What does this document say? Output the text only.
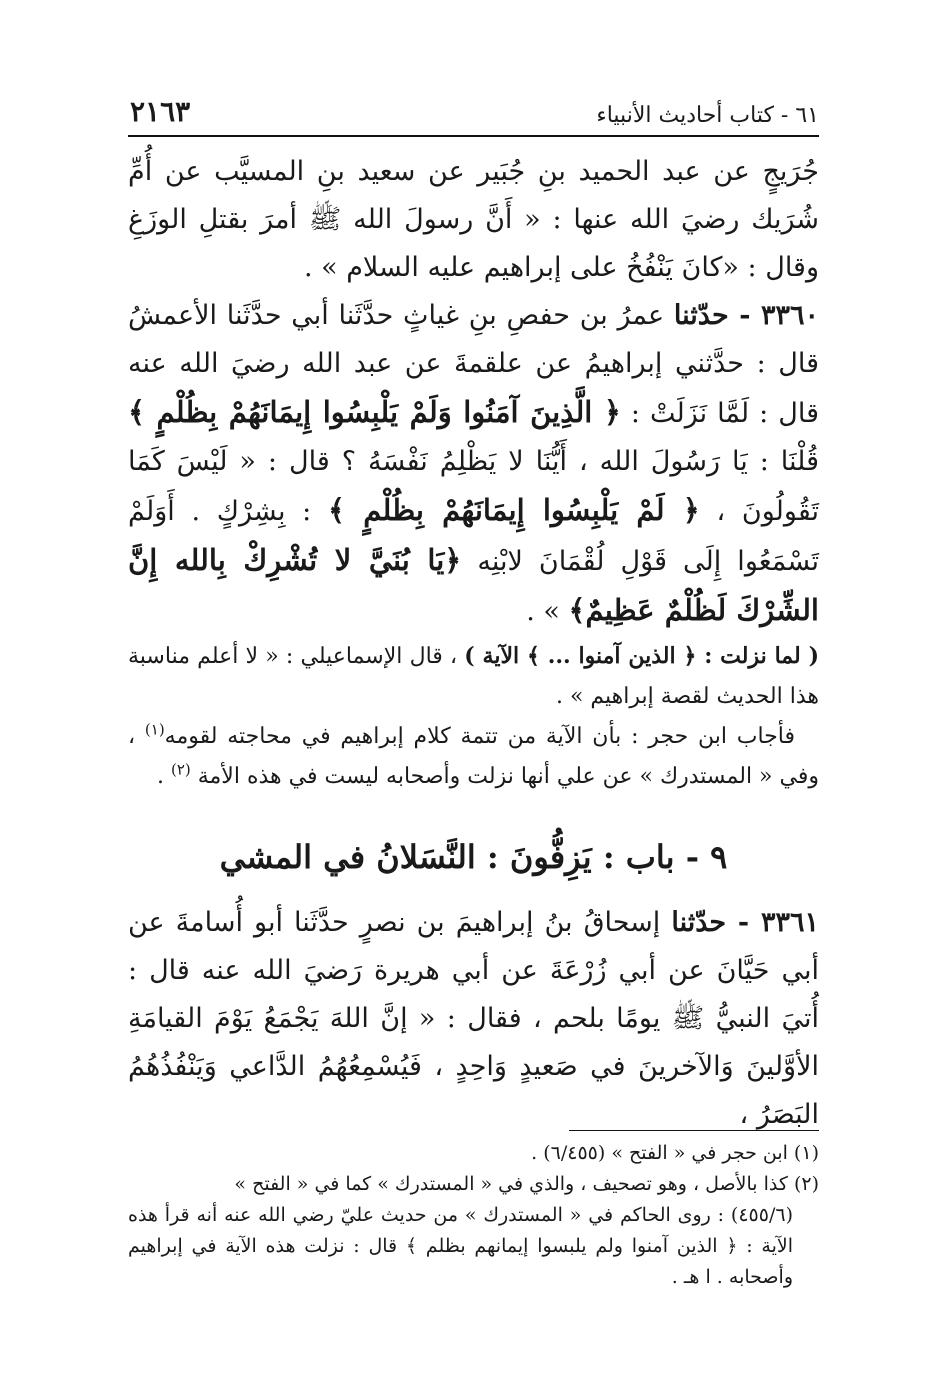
٦١ - كتاب أحاديث الأنبياء
٢١٦٣

جُرَيجٍ عن عبد الحميد بنِ جُبَير عن سعيد بنِ المسيَّب عن أُمِّ شُرَيك رضيَ الله عنها : « أَنَّ رسولَ الله ﷺ أمرَ بقتلِ الوزَغِ وقال : «كانَ يَنْفُخُ على إبراهيم عليه السلام » .

٣٣٦٠ - حدّثنا عمرُ بن حفصِ بنِ غياثٍ حدَّثَنا أبي حدَّثَنا الأعمشُ قال : حدَّثني إبراهيمُ عن علقمةَ عن عبد الله رضيَ الله عنه قال : لَمَّا نَزَلَتْ : ﴿ الَّذِينَ آمَنُوا وَلَمْ يَلْبِسُوا إِيمَانَهُمْ بِظُلْمٍ ﴾ قُلْنَا : يَا رَسُولَ الله ، أَيُّنَا لا يَظْلِمُ نَفْسَهُ ؟ قال : « لَيْسَ كَمَا تَقُولُونَ ، ﴿ لَمْ يَلْبِسُوا إِيمَانَهُمْ بِظُلْمٍ ﴾ : بِشِرْكٍ . أَوَلَمْ تَسْمَعُوا إِلَى قَوْلِ لُقْمَانَ لابْنِه ﴿يَا بُنَيَّ لا تُشْرِكْ بِالله إِنَّ الشِّرْكَ لَظُلْمٌ عَظِيمٌ﴾ » .

( لما نزلت : ﴿ الذين آمنوا ... ﴾ الآية ) ، قال الإسماعيلي : « لا أعلم مناسبة هذا الحديث لقصة إبراهيم » .

فأجاب ابن حجر : بأن الآية من تتمة كلام إبراهيم في محاجته لقومه$^{(١)}$ ، وفي « المستدرك » عن علي أنها نزلت وأصحابه ليست في هذه الأمة $^{(٢)}$ .

٩ - باب : يَزِفُّونَ : النَّسَلانُ في المشي

٣٣٦١ - حدّثنا إسحاقُ بنُ إبراهيمَ بن نصرٍ حدَّثَنا أبو أُسامةَ عن أبي حَيَّانَ عن أبي زُرْعَةَ عن أبي هريرة رَضيَ الله عنه قال : أُتيَ النبيُّ ﷺ يومًا بلحم ، فقال : « إنَّ اللهَ يَجْمَعُ يَوْمَ القيامَةِ الأوَّلينَ وَالآخرينَ في صَعيدٍ وَاحِدٍ ، فَيُسْمِعُهُمُ الدَّاعي وَيَنْفُذُهُمُ البَصَرُ ،

(١) ابن حجر في « الفتح » (٦/٤٥٥) .

(٢) كذا بالأصل ، وهو تصحيف ، والذي في « المستدرك » كما في « الفتح »

(٤٥٥/٦) : روى الحاكم في « المستدرك » من حديث عليّ رضي الله عنه أنه قرأ هذه الآية : ﴿ الذين آمنوا ولم يلبسوا إيمانهم بظلم ﴾ قال : نزلت هذه الآية في إبراهيم وأصحابه . ا هـ .
